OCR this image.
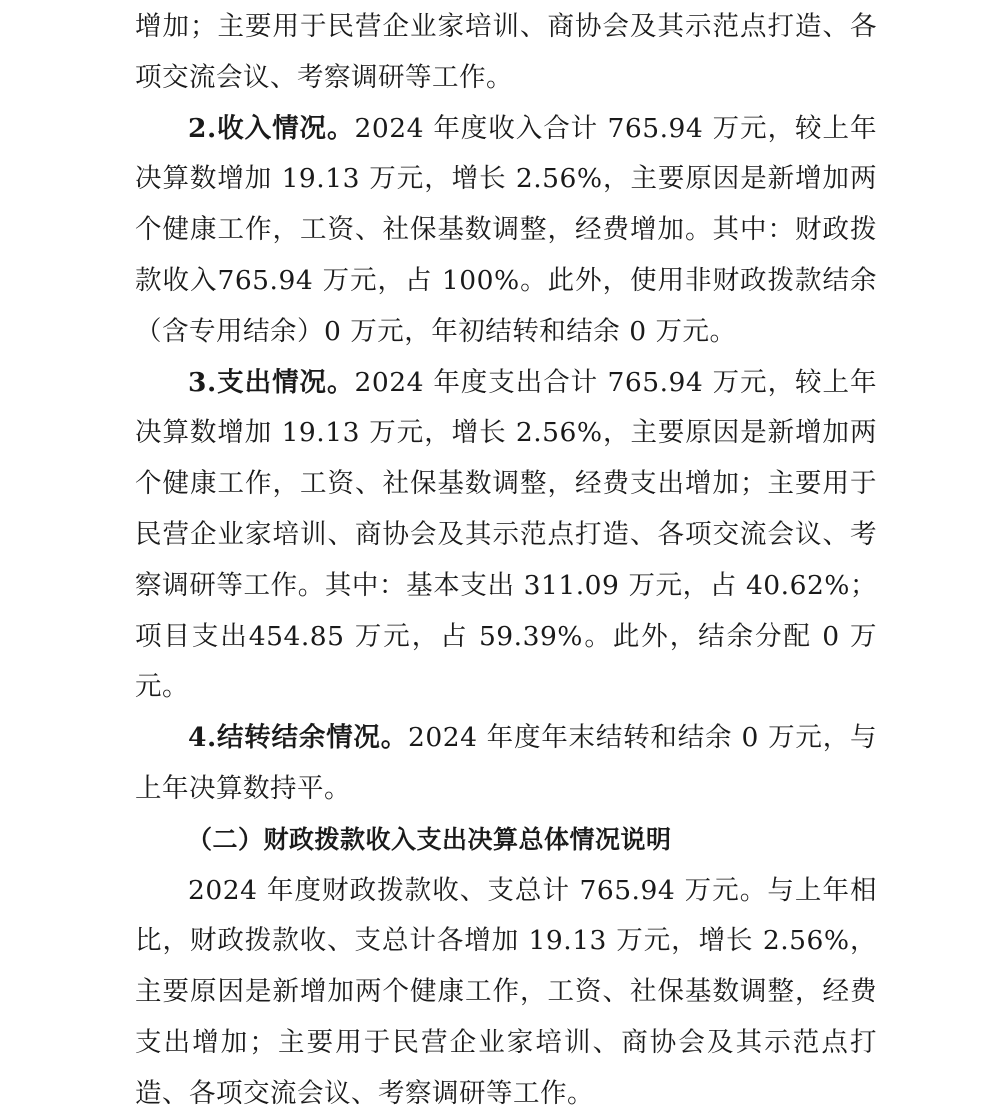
增加；主要用于民营企业家培训、商协会及其示范点打造、各项交流会议、考察调研等工作。

2.收入情况。2024 年度收入合计 765.94 万元，较上年决算数增加 19.13 万元，增长 2.56%，主要原因是新增加两个健康工作，工资、社保基数调整，经费增加。其中：财政拨款收入765.94 万元，占 100%。此外，使用非财政拨款结余（含专用结余）0 万元，年初结转和结余 0 万元。

3.支出情况。2024 年度支出合计 765.94 万元，较上年决算数增加 19.13 万元，增长 2.56%，主要原因是新增加两个健康工作，工资、社保基数调整，经费支出增加；主要用于民营企业家培训、商协会及其示范点打造、各项交流会议、考察调研等工作。其中：基本支出 311.09 万元，占 40.62%；项目支出454.85 万元，占 59.39%。此外，结余分配 0 万元。

4.结转结余情况。2024 年度年末结转和结余 0 万元，与上年决算数持平。

（二）财政拨款收入支出决算总体情况说明

2024 年度财政拨款收、支总计 765.94 万元。与上年相比，财政拨款收、支总计各增加 19.13 万元，增长 2.56%，主要原因是新增加两个健康工作，工资、社保基数调整，经费支出增加；主要用于民营企业家培训、商协会及其示范点打造、各项交流会议、考察调研等工作。
